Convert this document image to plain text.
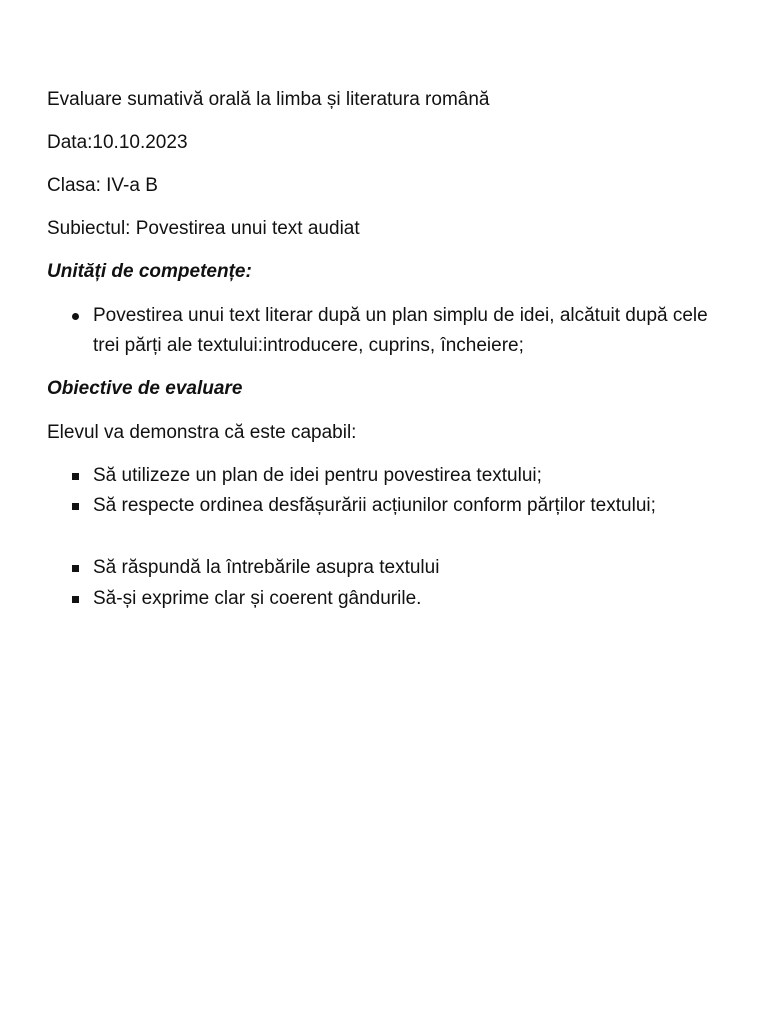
Evaluare sumativă orală la limba și literatura română
Data:10.10.2023
Clasa: IV-a B
Subiectul: Povestirea unui text audiat
Unități de competențe:
Povestirea unui text literar după un plan simplu de idei, alcătuit după cele trei părți ale textului:introducere, cuprins, încheiere;
Obiective de evaluare
Elevul va demonstra că este capabil:
Să utilizeze un plan de idei pentru povestirea textului;
Să respecte ordinea desfășurării acțiunilor conform părților textului;
Să răspundă la întrebările asupra textului
Să-și exprime clar și coerent gândurile.
